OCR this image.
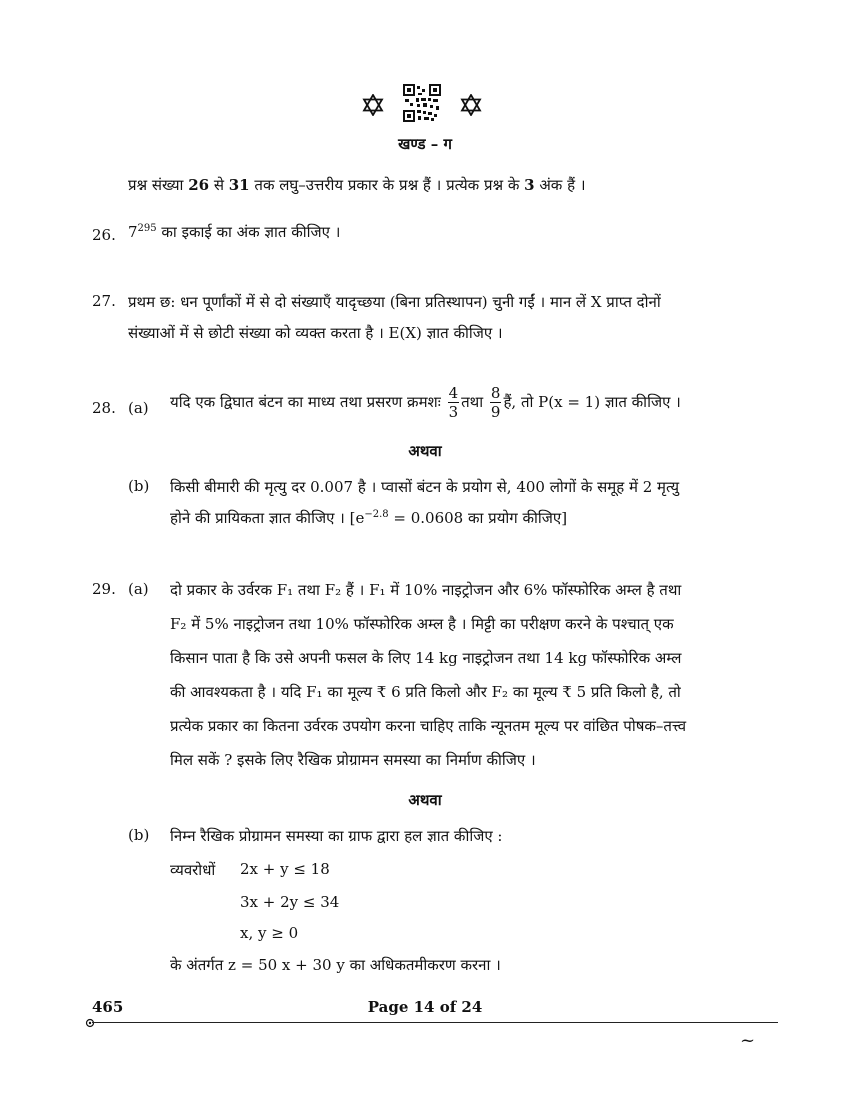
खण्ड – ग
प्रश्न संख्या 26 से 31 तक लघु–उत्तरीय प्रकार के प्रश्न हैं । प्रत्येक प्रश्न के 3 अंक हैं ।
26. $7^{295}$ का इकाई का अंक ज्ञात कीजिए ।
27. प्रथम छ: धन पूर्णांकों में से दो संख्याएँ यादृच्छया (बिना प्रतिस्थापन) चुनी गईं । मान लें X प्राप्त दोनों
संख्याओं में से छोटी संख्या को व्यक्त करता है । E(X) ज्ञात कीजिए ।
28. (a) यदि एक द्विघात बंटन का माध्य तथा प्रसरण क्रमशः $\frac{4}{3}$ तथा $\frac{8}{9}$ हैं, तो P(x = 1) ज्ञात कीजिए ।
अथवा
(b) किसी बीमारी की मृत्यु दर 0.007 है । प्वासों बंटन के प्रयोग से, 400 लोगों के समूह में 2 मृत्यु
होने की प्रायिकता ज्ञात कीजिए । [$e^{-2.8} = 0.0608$ का प्रयोग कीजिए]
29. (a) दो प्रकार के उर्वरक F₁ तथा F₂ हैं । F₁ में 10% नाइट्रोजन और 6% फॉस्फोरिक अम्ल है तथा
F₂ में 5% नाइट्रोजन तथा 10% फॉस्फोरिक अम्ल है । मिट्टी का परीक्षण करने के पश्चात् एक
किसान पाता है कि उसे अपनी फसल के लिए 14 kg नाइट्रोजन तथा 14 kg फॉस्फोरिक अम्ल
की आवश्यकता है । यदि F₁ का मूल्य ₹ 6 प्रति किलो और F₂ का मूल्य ₹ 5 प्रति किलो है, तो
प्रत्येक प्रकार का कितना उर्वरक उपयोग करना चाहिए ताकि न्यूनतम मूल्य पर वांछित पोषक–तत्त्व
मिल सकें ? इसके लिए रैखिक प्रोग्रामन समस्या का निर्माण कीजिए ।
अथवा
(b) निम्न रैखिक प्रोग्रामन समस्या का ग्राफ द्वारा हल ज्ञात कीजिए :
व्यवरोधों 2x + y ≤ 18
3x + 2y ≤ 34
x, y ≥ 0
के अंतर्गत z = 50 x + 30 y का अधिकतमीकरण करना ।
465	Page 14 of 24
~
